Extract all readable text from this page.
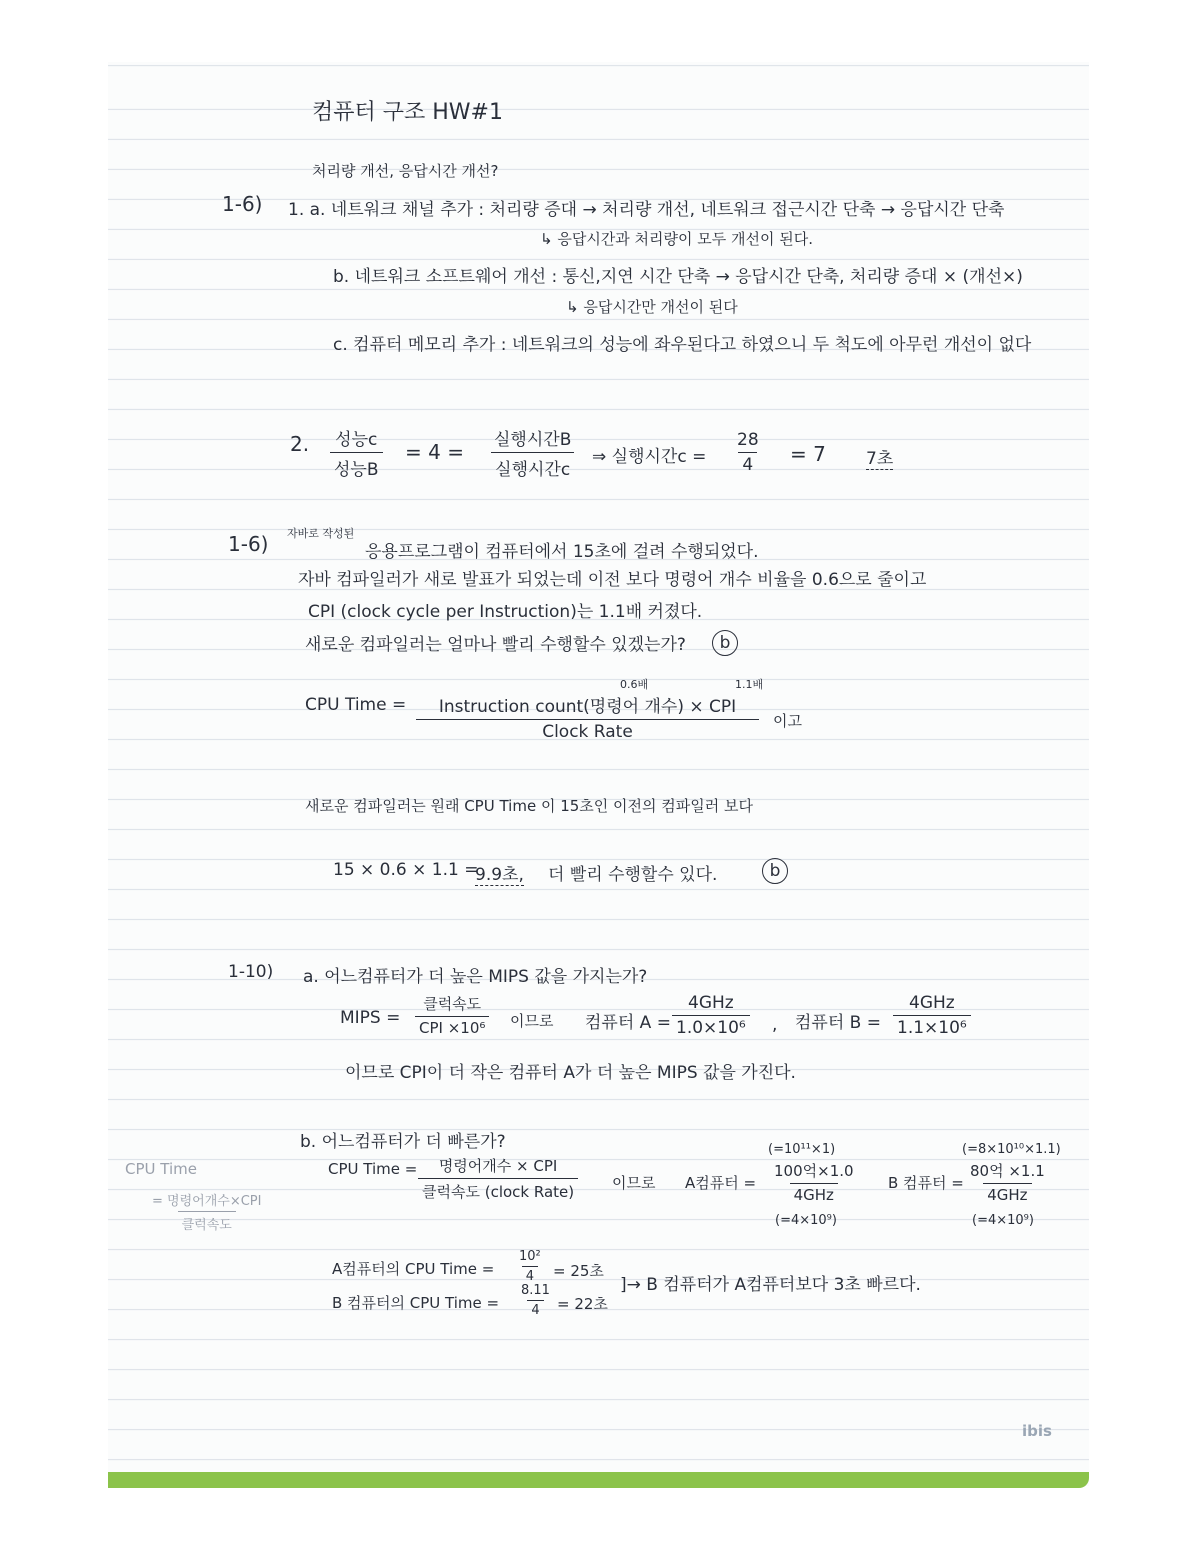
컴퓨터 구조 HW#1
처리량 개선, 응답시간 개선?
1-6) 1. a. 네트워크 채널 추가 : 처리량 증대 → 처리량 개선, 네트워크 접근시간 단축 → 응답시간 단축
↳ 응답시간과 처리량이 모두 개선이 된다.
b. 네트워크 소프트웨어 개선 : 통신,지연 시간 단축 → 응답시간 단축, 처리량 증대 × (개선×)
↳ 응답시간만 개선이 된다
c. 컴퓨터 메모리 추가 : 네트워크의 성능에 좌우된다고 하였으니 두 척도에 아무런 개선이 없다
2. 성능c
성능B
= 4 = 실행시간B
실행시간c
⇒ 실행시간$c = \frac{28}{4} = 7$ 7초
1-6) 자바로 작성된
응용프로그램이 컴퓨터에서 15초에 걸려 수행되었다.
자바 컴파일러가 새로 발표가 되었는데 이전 보다 명령어 개수 비율을 0.6으로 줄이고
CPI (clock cycle per Instruction)는 1.1배 커졌다.
새로운 컴파일러는 얼마나 빨리 수행할수 있겠는가?	b
0.6배	1.1배
CPU Time = Instruction count(명령어 개수) × CPI
Clock Rate
이고
새로운 컴파일러는 원래 CPU Time 이 15초인 이전의 컴파일러 보다
15 × 0.6 × 1.1 =
9.9초, 더 빨리 수행할수 있다.	b
1-10) a. 어느컴퓨터가 더 높은 MIPS 값을 가지는가?
MIPS =
클럭속도
CPI ×10⁶ 이므로 컴퓨터 A =
4GHz
1.0×10⁶ , 컴퓨터 B =
4GHz
1.1×10⁶
이므로 CPI이 더 작은 컴퓨터 A가 더 높은 MIPS 값을 가진다.
b. 어느컴퓨터가 더 빠른가?
CPU Time = 명령어개수 × CPI
클럭속도 (clock Rate)	이므로 A컴퓨터 =
(=10¹¹×1)
100억×1.0
4GHz
(=4×10⁹)
B 컴퓨터 =
(=8×10¹⁰×1.1)
80억 ×1.1
4GHz
(=4×10⁹)
A컴퓨터의 CPU Time = $\frac{\text{10²}}{4} = 25$초
B 컴퓨터의 CPU Time = $\frac{8.11}{4} = 22$초
]→ B 컴퓨터가 A컴퓨터보다 3초 빠르다.
CPU Time
= 명령어개수×CPI
클럭속도
ibis
